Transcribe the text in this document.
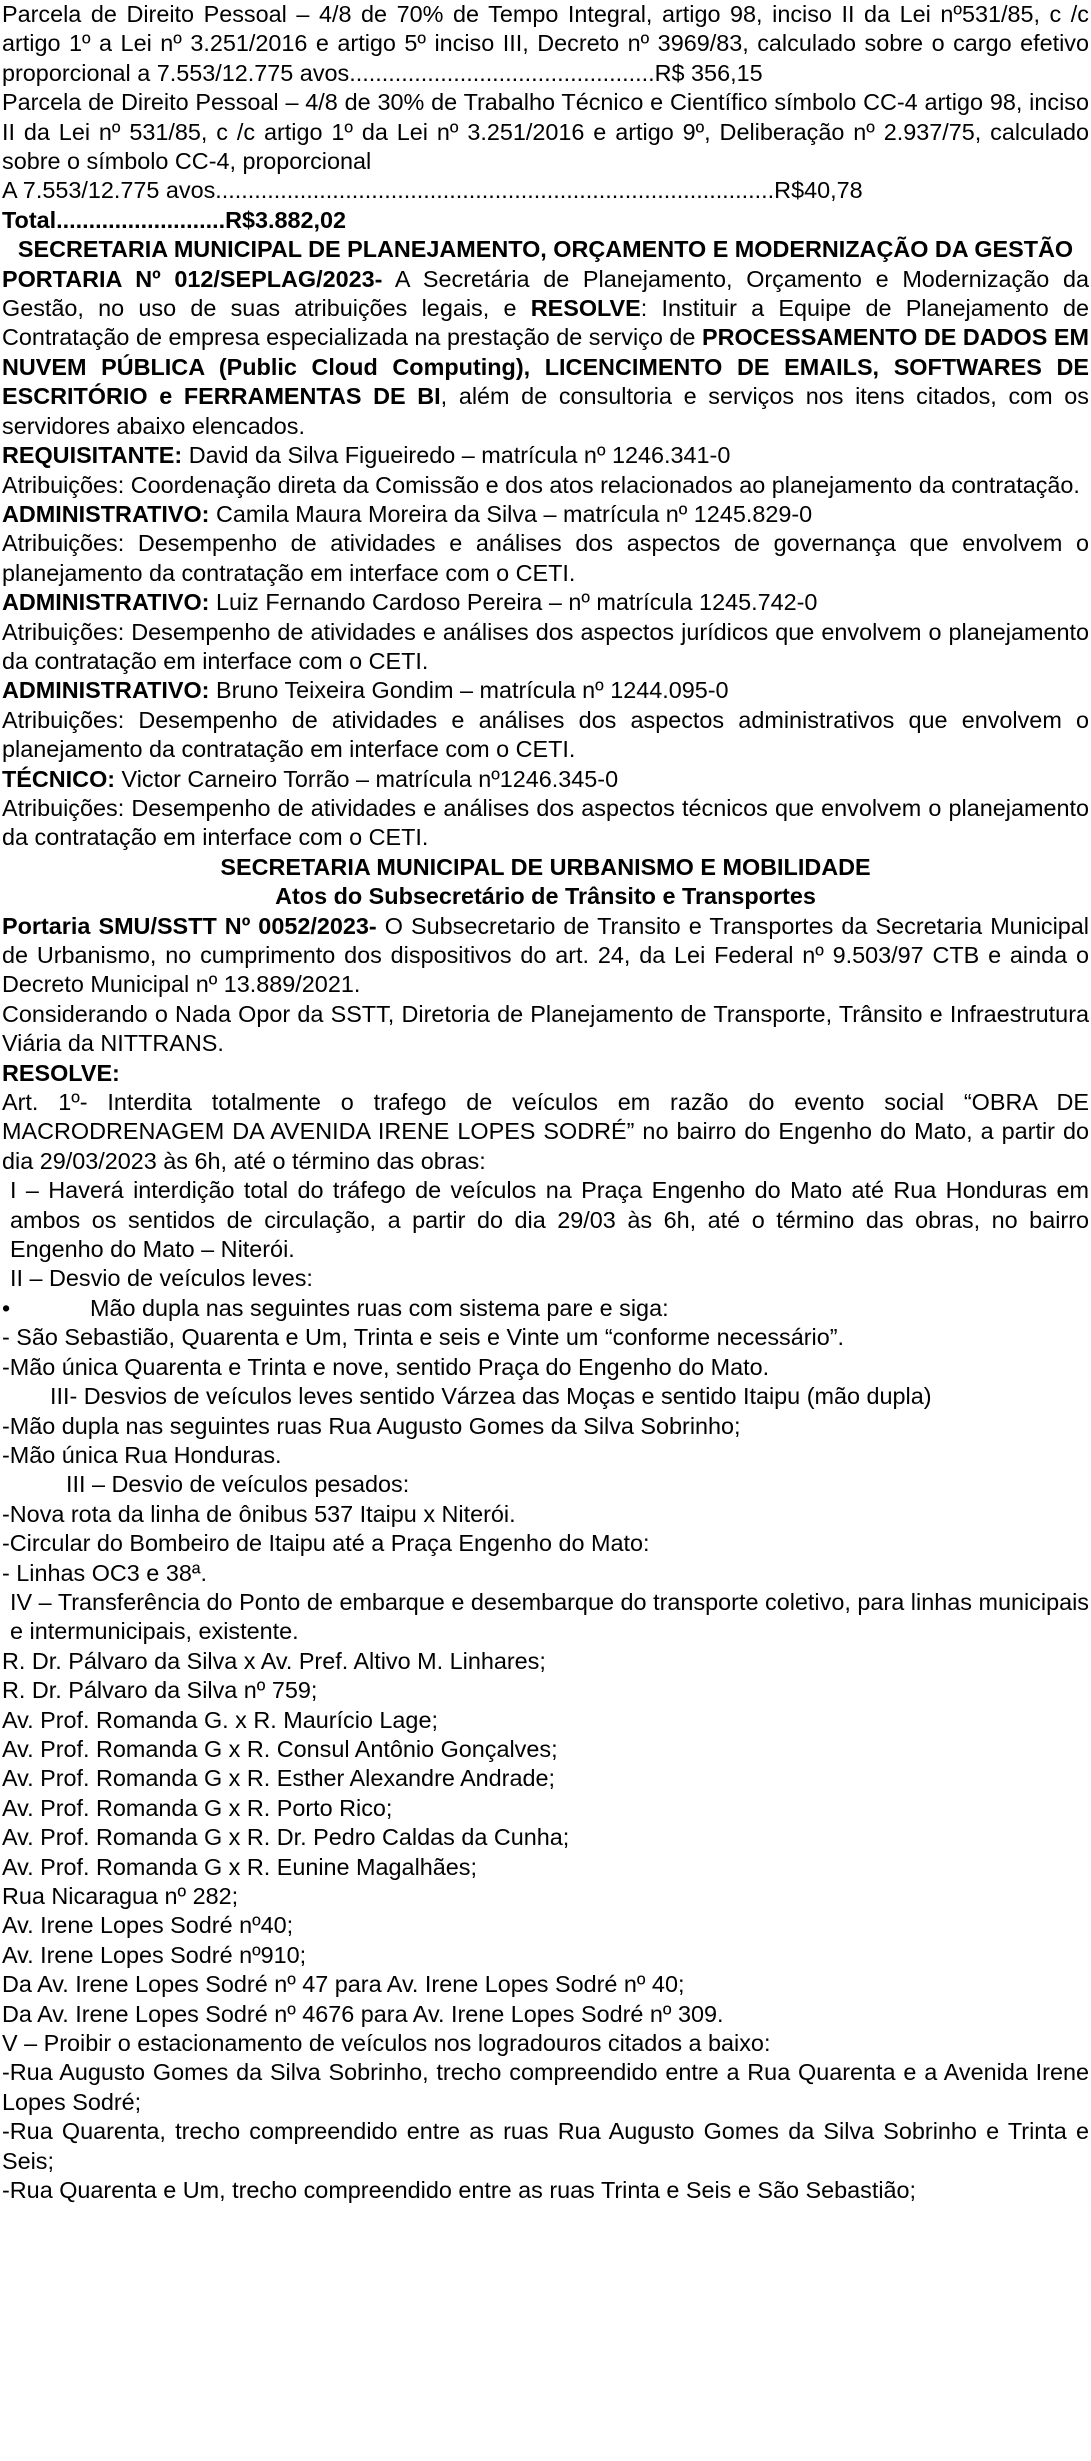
Parcela de Direito Pessoal – 4/8 de 70% de Tempo Integral, artigo 98, inciso II da Lei nº531/85, c /c artigo 1º a Lei nº 3.251/2016 e artigo 5º inciso III, Decreto nº 3969/83, calculado sobre o cargo efetivo proporcional a 7.553/12.775 avos...............................................R$ 356,15

Parcela de Direito Pessoal – 4/8 de 30% de Trabalho Técnico e Científico símbolo CC-4 artigo 98, inciso II da Lei nº 531/85, c /c artigo 1º da Lei nº 3.251/2016 e artigo 9º, Deliberação nº 2.937/75, calculado sobre o símbolo CC-4, proporcional

A 7.553/12.775 avos......................................................................................R$40,78

Total..........................R$3.882,02

SECRETARIA MUNICIPAL DE PLANEJAMENTO, ORÇAMENTO E MODERNIZAÇÃO DA GESTÃO

PORTARIA Nº 012/SEPLAG/2023- A Secretária de Planejamento, Orçamento e Modernização da Gestão, no uso de suas atribuições legais, e RESOLVE: Instituir a Equipe de Planejamento de Contratação de empresa especializada na prestação de serviço de PROCESSAMENTO DE DADOS EM NUVEM PÚBLICA (Public Cloud Computing), LICENCIMENTO DE EMAILS, SOFTWARES DE ESCRITÓRIO e FERRAMENTAS DE BI, além de consultoria e serviços nos itens citados, com os servidores abaixo elencados.

REQUISITANTE: David da Silva Figueiredo – matrícula nº 1246.341-0

Atribuições: Coordenação direta da Comissão e dos atos relacionados ao planejamento da contratação.

ADMINISTRATIVO: Camila Maura Moreira da Silva – matrícula nº 1245.829-0

Atribuições: Desempenho de atividades e análises dos aspectos de governança que envolvem o planejamento da contratação em interface com o CETI.

ADMINISTRATIVO: Luiz Fernando Cardoso Pereira – nº matrícula 1245.742-0

Atribuições: Desempenho de atividades e análises dos aspectos jurídicos que envolvem o planejamento da contratação em interface com o CETI.

ADMINISTRATIVO: Bruno Teixeira Gondim – matrícula nº 1244.095-0

Atribuições: Desempenho de atividades e análises dos aspectos administrativos que envolvem o planejamento da contratação em interface com o CETI.

TÉCNICO: Victor Carneiro Torrão – matrícula nº1246.345-0

Atribuições: Desempenho de atividades e análises dos aspectos técnicos que envolvem o planejamento da contratação em interface com o CETI.

SECRETARIA MUNICIPAL DE URBANISMO E MOBILIDADE

Atos do Subsecretário de Trânsito e Transportes

Portaria SMU/SSTT Nº 0052/2023- O Subsecretario de Transito e Transportes da Secretaria Municipal de Urbanismo, no cumprimento dos dispositivos do art. 24, da Lei Federal nº 9.503/97 CTB e ainda o Decreto Municipal nº 13.889/2021.

Considerando o Nada Opor da SSTT, Diretoria de Planejamento de Transporte, Trânsito e Infraestrutura Viária da NITTRANS.

RESOLVE:

Art. 1º- Interdita totalmente o trafego de veículos em razão do evento social “OBRA DE MACRODRENAGEM DA AVENIDA IRENE LOPES SODRÉ” no bairro do Engenho do Mato, a partir do dia 29/03/2023 às 6h, até o término das obras:

I – Haverá interdição total do tráfego de veículos na Praça Engenho do Mato até Rua Honduras em ambos os sentidos de circulação, a partir do dia 29/03 às 6h, até o término das obras, no bairro Engenho do Mato – Niterói.

II – Desvio de veículos leves:

•	Mão dupla nas seguintes ruas com sistema pare e siga:

- São Sebastião, Quarenta e Um, Trinta e seis e Vinte um “conforme necessário”.

-Mão única Quarenta e Trinta e nove, sentido Praça do Engenho do Mato.

III- Desvios de veículos leves sentido Várzea das Moças e sentido Itaipu (mão dupla)

-Mão dupla nas seguintes ruas Rua Augusto Gomes da Silva Sobrinho;

-Mão única Rua Honduras.

III – Desvio de veículos pesados:

-Nova rota da linha de ônibus 537 Itaipu x Niterói.

-Circular do Bombeiro de Itaipu até a Praça Engenho do Mato:

- Linhas OC3 e 38ª.

IV – Transferência do Ponto de embarque e desembarque do transporte coletivo, para linhas municipais e intermunicipais, existente.

R. Dr. Pálvaro da Silva x Av. Pref. Altivo M. Linhares;

R. Dr. Pálvaro da Silva nº 759;

Av. Prof. Romanda G. x R. Maurício Lage;

Av. Prof. Romanda G x R. Consul Antônio Gonçalves;

Av. Prof. Romanda G x R. Esther Alexandre Andrade;

Av. Prof. Romanda G x R. Porto Rico;

Av. Prof. Romanda G x R. Dr. Pedro Caldas da Cunha;

Av. Prof. Romanda G x R. Eunine Magalhães;

Rua Nicaragua nº 282;

Av. Irene Lopes Sodré nº40;

Av. Irene Lopes Sodré nº910;

Da Av. Irene Lopes Sodré nº 47 para Av. Irene Lopes Sodré nº 40;

Da Av. Irene Lopes Sodré nº 4676 para Av. Irene Lopes Sodré nº 309.

V – Proibir o estacionamento de veículos nos logradouros citados a baixo:

-Rua Augusto Gomes da Silva Sobrinho, trecho compreendido entre a Rua Quarenta e a Avenida Irene Lopes Sodré;

-Rua Quarenta, trecho compreendido entre as ruas Rua Augusto Gomes da Silva Sobrinho e Trinta e Seis;

-Rua Quarenta e Um, trecho compreendido entre as ruas Trinta e Seis e São Sebastião;
